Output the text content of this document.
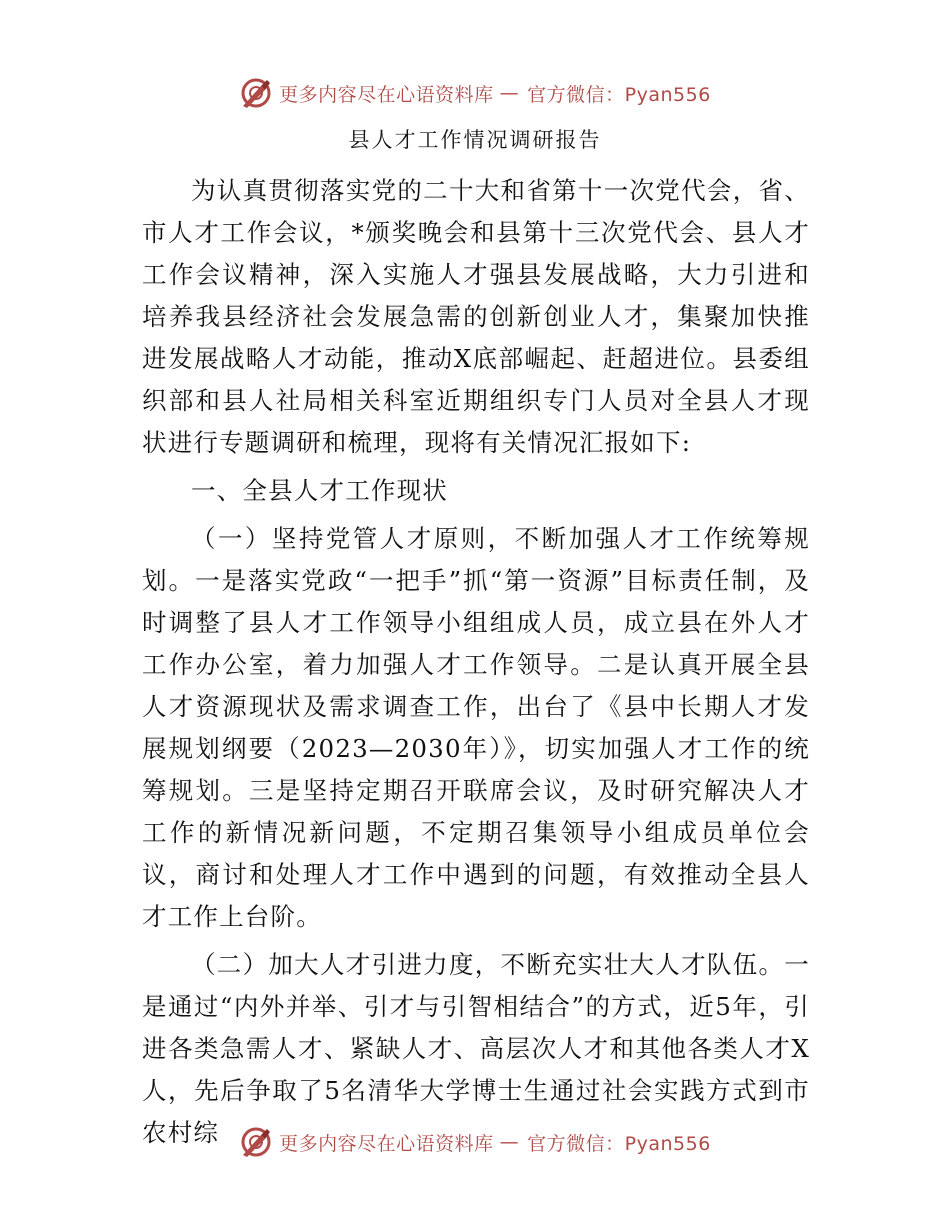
更多内容尽在心语资料库 — 官方微信：Pyan556
县人才工作情况调研报告

为认真贯彻落实党的二十大和省第十一次党代会，省、市人才工作会议，*颁奖晚会和县第十三次党代会、县人才工作会议精神，深入实施人才强县发展战略，大力引进和培养我县经济社会发展急需的创新创业人才，集聚加快推进发展战略人才动能，推动X底部崛起、赶超进位。县委组织部和县人社局相关科室近期组织专门人员对全县人才现状进行专题调研和梳理，现将有关情况汇报如下:

一、全县人才工作现状

（一）坚持党管人才原则，不断加强人才工作统筹规划。一是落实党政“一把手”抓“第一资源”目标责任制，及时调整了县人才工作领导小组组成人员，成立县在外人才工作办公室，着力加强人才工作领导。二是认真开展全县人才资源现状及需求调查工作，出台了《县中长期人才发展规划纲要（2023—2030年）》，切实加强人才工作的统筹规划。三是坚持定期召开联席会议，及时研究解决人才工作的新情况新问题，不定期召集领导小组成员单位会议，商讨和处理人才工作中遇到的问题，有效推动全县人才工作上台阶。

（二）加大人才引进力度，不断充实壮大人才队伍。一是通过“内外并举、引才与引智相结合”的方式，近5年，引进各类急需人才、紧缺人才、高层次人才和其他各类人才X人，先后争取了5名清华大学博士生通过社会实践方式到市农村综	更多内容尽在心语资料库 — 官方微信：Pyan556
